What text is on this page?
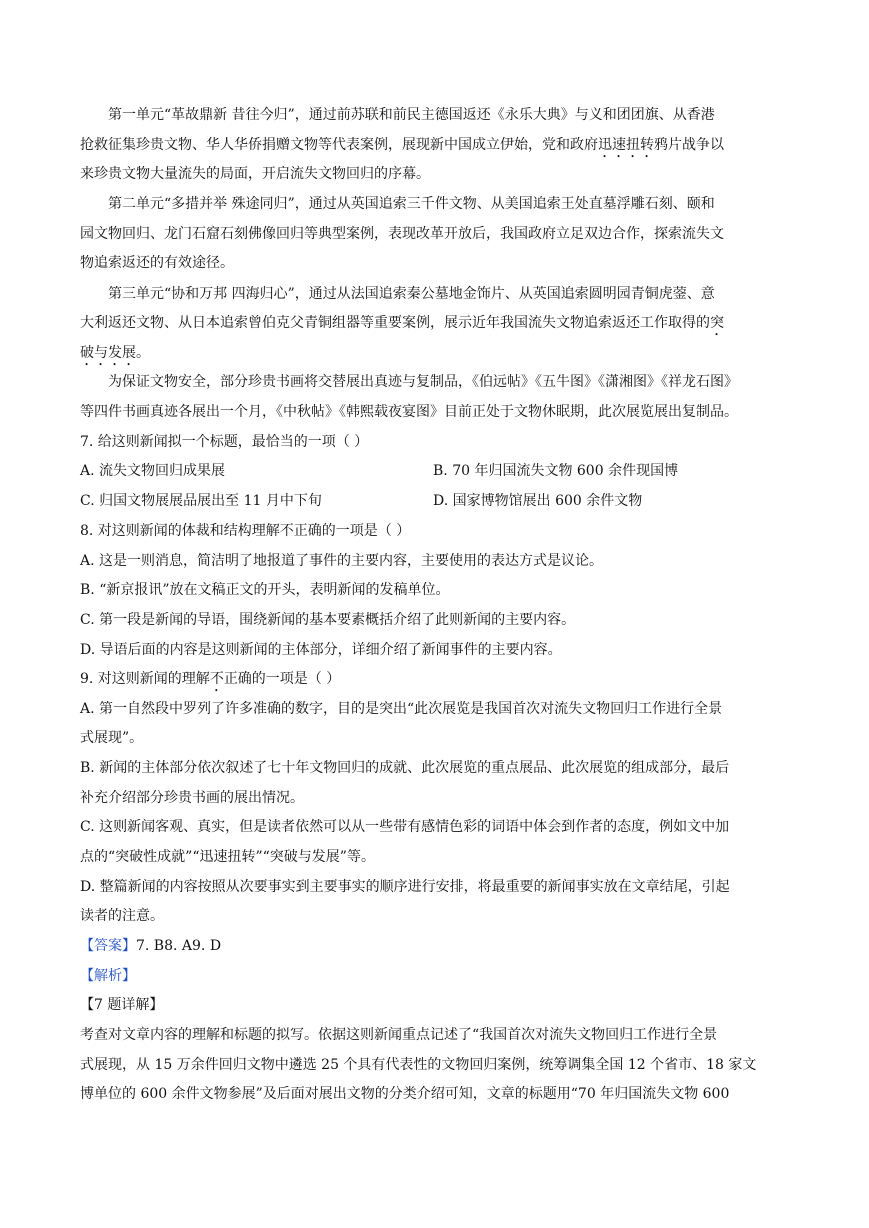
第一单元“革故鼎新 昔往今归”，通过前苏联和前民主德国返还《永乐大典》与义和团团旗、从香港
抢救征集珍贵文物、华人华侨捐赠文物等代表案例，展现新中国成立伊始，党和政府迅速扭转鸦片战争以
来珍贵文物大量流失的局面，开启流失文物回归的序幕。
第二单元“多措并举 殊途同归”，通过从英国追索三千件文物、从美国追索王处直墓浮雕石刻、颐和
园文物回归、龙门石窟石刻佛像回归等典型案例，表现改革开放后，我国政府立足双边合作，探索流失文
物追索返还的有效途径。
第三单元“协和万邦 四海归心”，通过从法国追索秦公墓地金饰片、从英国追索圆明园青铜虎蓥、意
大利返还文物、从日本追索曾伯克父青铜组器等重要案例，展示近年我国流失文物追索返还工作取得的突
破与发展。
为保证文物安全，部分珍贵书画将交替展出真迹与复制品，《伯远帖》《五牛图》《潇湘图》《祥龙石图》
等四件书画真迹各展出一个月，《中秋帖》《韩熙载夜宴图》目前正处于文物休眠期，此次展览展出复制品。
7. 给这则新闻拟一个标题，最恰当的一项（ ）
A. 流失文物回归成果展	B. 70 年归国流失文物 600 余件现国博
C. 归国文物展展品展出至 11 月中下旬	D. 国家博物馆展出 600 余件文物
8. 对这则新闻的体裁和结构理解不正确的一项是（ ）
A. 这是一则消息，简洁明了地报道了事件的主要内容，主要使用的表达方式是议论。
B. “新京报讯”放在文稿正文的开头，表明新闻的发稿单位。
C. 第一段是新闻的导语，围绕新闻的基本要素概括介绍了此则新闻的主要内容。
D. 导语后面的内容是这则新闻的主体部分，详细介绍了新闻事件的主要内容。
9. 对这则新闻的理解不正确的一项是（ ）
A. 第一自然段中罗列了许多准确的数字，目的是突出“此次展览是我国首次对流失文物回归工作进行全景
式展现”。
B. 新闻的主体部分依次叙述了七十年文物回归的成就、此次展览的重点展品、此次展览的组成部分，最后
补充介绍部分珍贵书画的展出情况。
C. 这则新闻客观、真实，但是读者依然可以从一些带有感情色彩的词语中体会到作者的态度，例如文中加
点的“突破性成就”“迅速扭转”“突破与发展”等。
D. 整篇新闻的内容按照从次要事实到主要事实的顺序进行安排，将最重要的新闻事实放在文章结尾，引起
读者的注意。
【答案】7. B8. A9. D
【解析】
【7 题详解】
考查对文章内容的理解和标题的拟写。依据这则新闻重点记述了“我国首次对流失文物回归工作进行全景
式展现，从 15 万余件回归文物中遴选 25 个具有代表性的文物回归案例，统筹调集全国 12 个省市、18 家文
博单位的 600 余件文物参展”及后面对展出文物的分类介绍可知，文章的标题用“70 年归国流失文物 600
